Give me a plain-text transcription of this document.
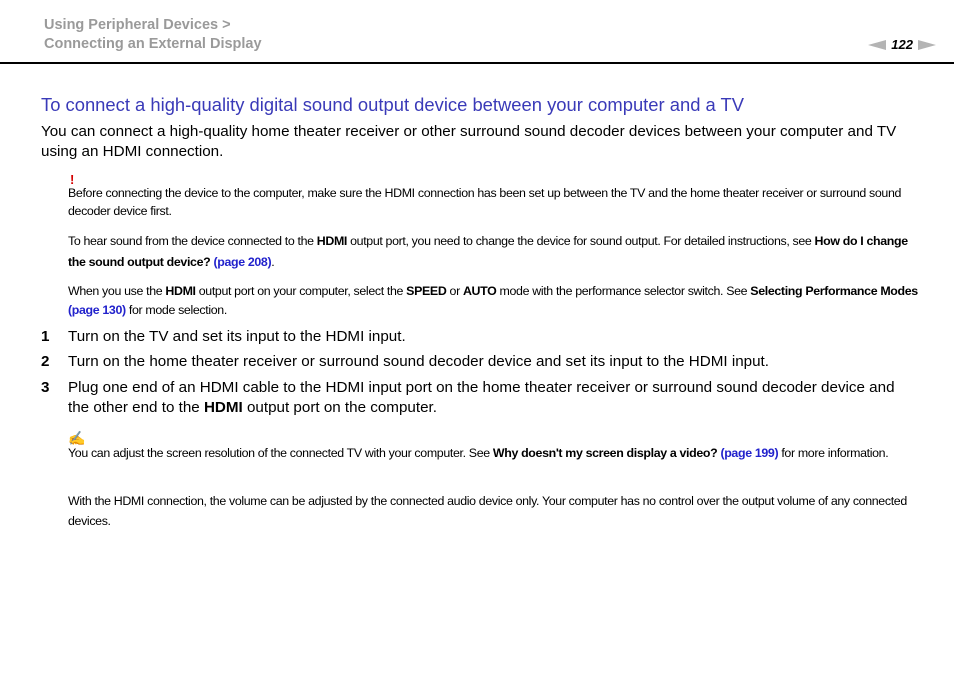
Using Peripheral Devices >
Connecting an External Display	122
To connect a high-quality digital sound output device between your computer and a TV
You can connect a high-quality home theater receiver or other surround sound decoder devices between your computer and TV using an HDMI connection.
!
Before connecting the device to the computer, make sure the HDMI connection has been set up between the TV and the home theater receiver or surround sound decoder device first.
To hear sound from the device connected to the HDMI output port, you need to change the device for sound output. For detailed instructions, see How do I change the sound output device? (page 208).
When you use the HDMI output port on your computer, select the SPEED or AUTO mode with the performance selector switch. See Selecting Performance Modes (page 130) for mode selection.
1 Turn on the TV and set its input to the HDMI input.
2 Turn on the home theater receiver or surround sound decoder device and set its input to the HDMI input.
3 Plug one end of an HDMI cable to the HDMI input port on the home theater receiver or surround sound decoder device and the other end to the HDMI output port on the computer.
✍
You can adjust the screen resolution of the connected TV with your computer. See Why doesn't my screen display a video? (page 199) for more information.
With the HDMI connection, the volume can be adjusted by the connected audio device only. Your computer has no control over the output volume of any connected devices.
